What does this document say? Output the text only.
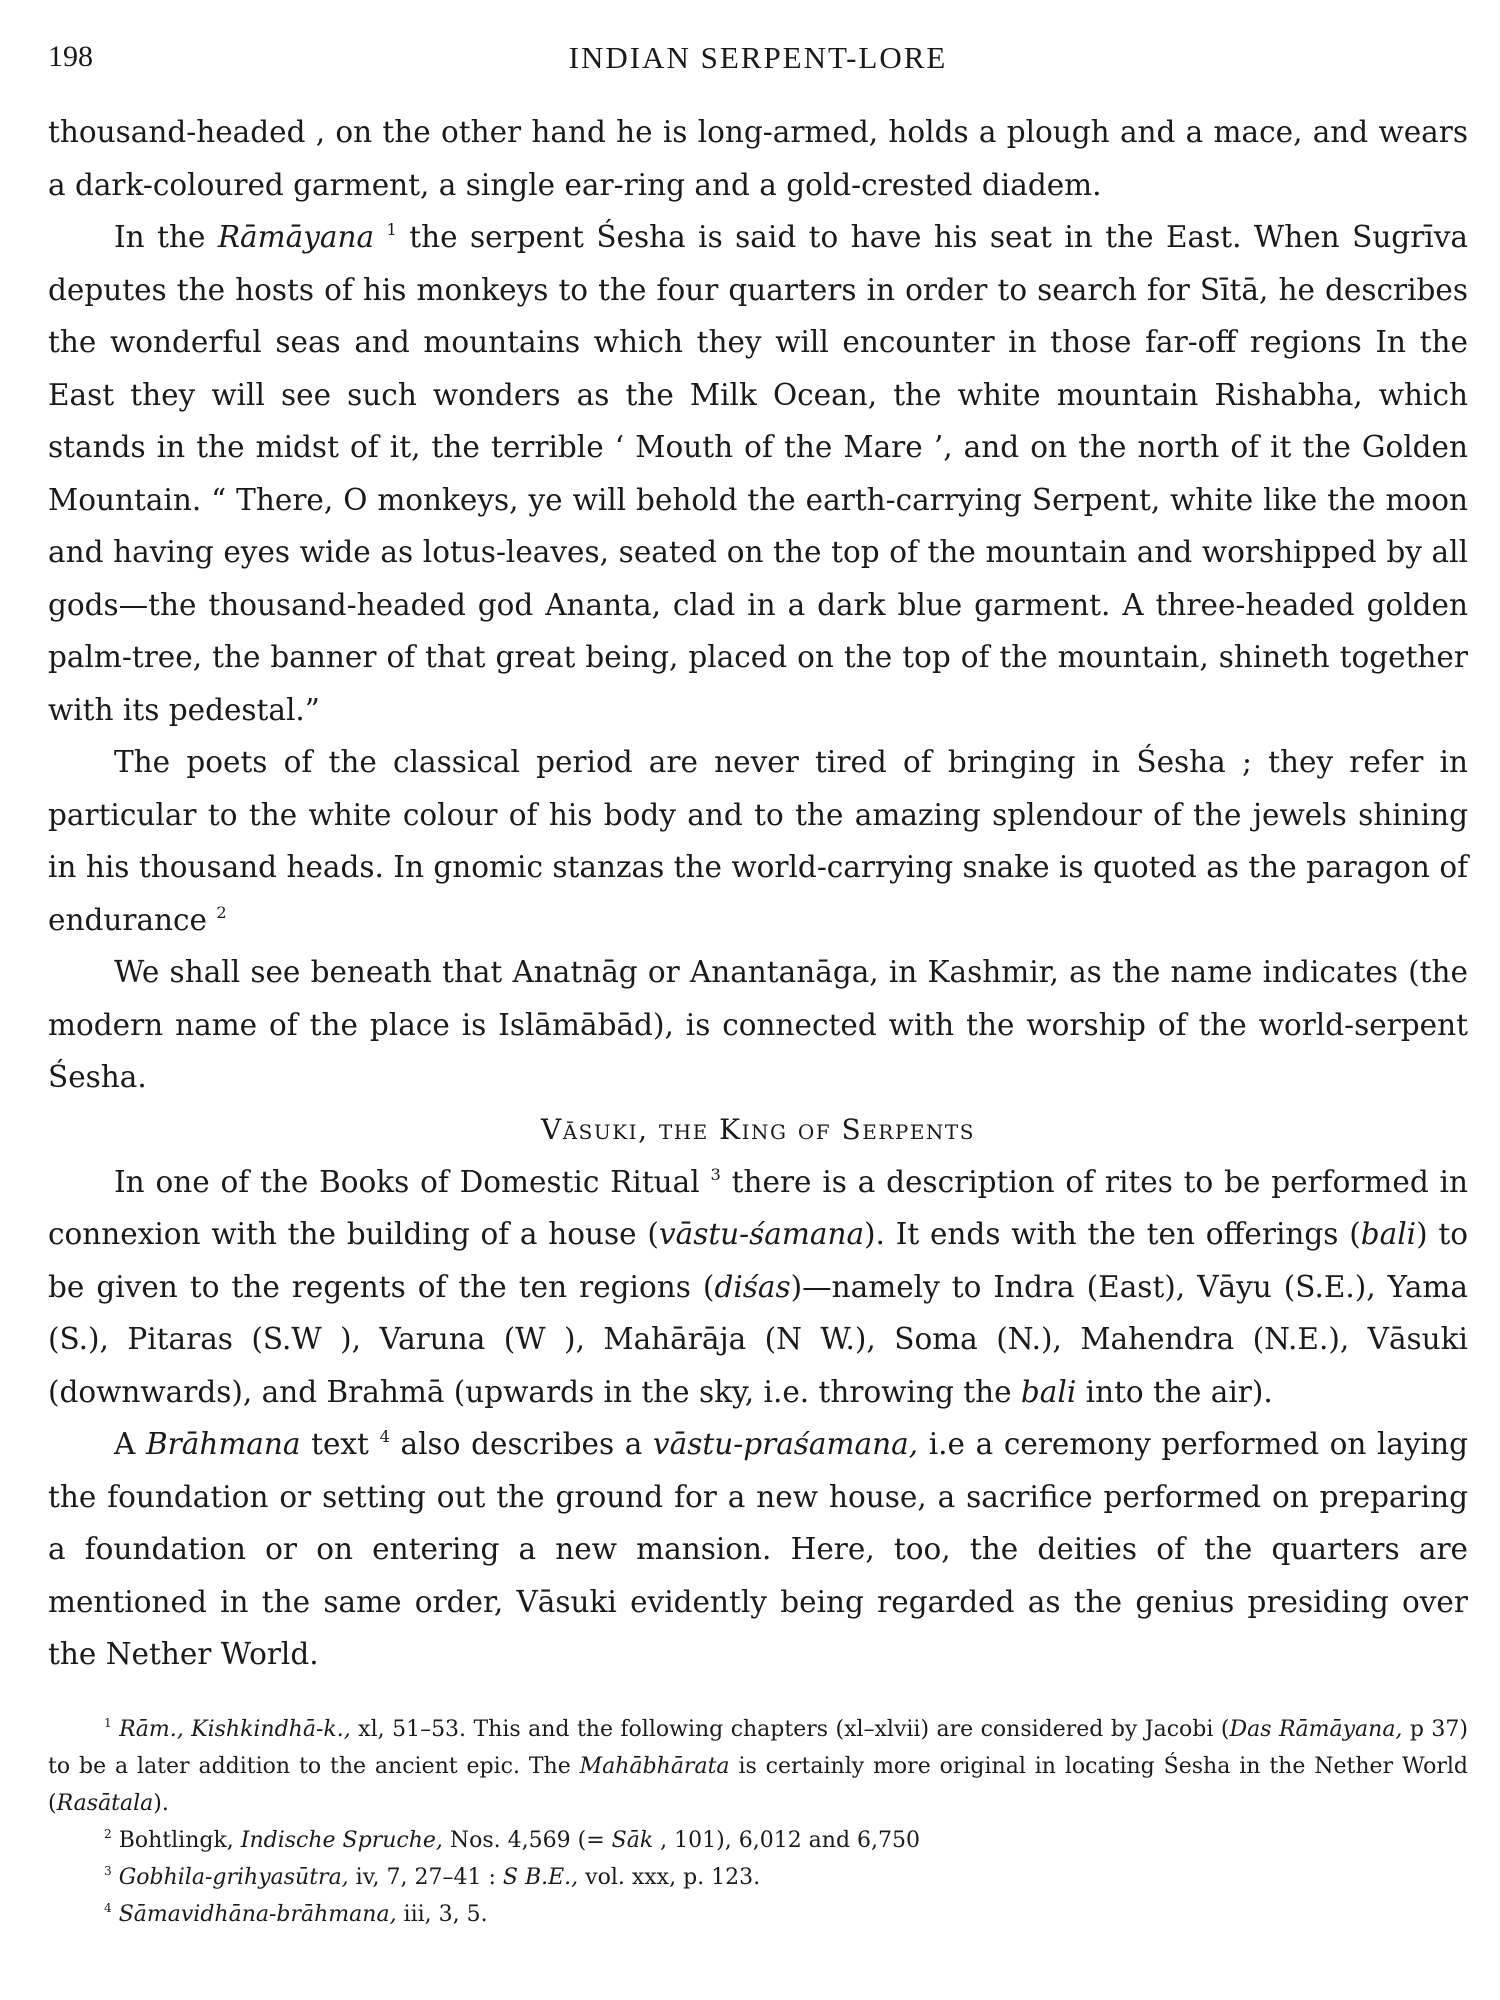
198	INDIAN SERPENT-LORE

thousand-headed , on the other hand he is long-armed, holds a plough and a mace, and wears a dark-coloured garment, a single ear-ring and a gold-crested diadem.

In the Rāmāyana $^1$ the serpent Śesha is said to have his seat in the East. When Sugrīva deputes the hosts of his monkeys to the four quarters in order to search for Sītā, he describes the wonderful seas and mountains which they will encounter in those far-off regions In the East they will see such wonders as the Milk Ocean, the white mountain Rishabha, which stands in the midst of it, the terrible ‘ Mouth of the Mare ’, and on the north of it the Golden Mountain. “ There, O monkeys, ye will behold the earth-carrying Serpent, white like the moon and having eyes wide as lotus-leaves, seated on the top of the mountain and worshipped by all gods—the thousand-headed god Ananta, clad in a dark blue garment. A three-headed golden palm-tree, the banner of that great being, placed on the top of the mountain, shineth together with its pedestal.”

The poets of the classical period are never tired of bringing in Śesha ; they refer in particular to the white colour of his body and to the amazing splendour of the jewels shining in his thousand heads. In gnomic stanzas the world-carrying snake is quoted as the paragon of endurance $^2$

We shall see beneath that Anatnāg or Anantanāga, in Kashmir, as the name indicates (the modern name of the place is Islāmābād), is connected with the worship of the world-serpent Śesha.

Vāsuki, the King of Serpents

In one of the Books of Domestic Ritual $^3$ there is a description of rites to be performed in connexion with the building of a house (vāstu-śamana). It ends with the ten offerings (bali) to be given to the regents of the ten regions (diśas)—namely to Indra (East), Vāyu (S.E.), Yama (S.), Pitaras (S.W ), Varuna (W ), Mahārāja (N W.), Soma (N.), Mahendra (N.E.), Vāsuki (downwards), and Brahmā (upwards in the sky, i.e. throwing the bali into the air).

A Brāhmana text $^4$ also describes a vāstu-praśamana, i.e a ceremony performed on laying the foundation or setting out the ground for a new house, a sacrifice performed on preparing a foundation or on entering a new mansion. Here, too, the deities of the quarters are mentioned in the same order, Vāsuki evidently being regarded as the genius presiding over the Nether World.

$^1$ Rām., Kishkindhā-k., xl, 51–53. This and the following chapters (xl–xlvii) are considered by Jacobi (Das Rāmāyana, p 37) to be a later addition to the ancient epic. The Mahābhārata is certainly more original in locating Śesha in the Nether World (Rasātala).

$^2$ Bohtlingk, Indische Spruche, Nos. 4,569 (= Sāk , 101), 6,012 and 6,750

$^3$ Gobhila-grihyasūtra, iv, 7, 27–41 : S B.E., vol. xxx, p. 123.

$^4$ Sāmavidhāna-brāhmana, iii, 3, 5.
